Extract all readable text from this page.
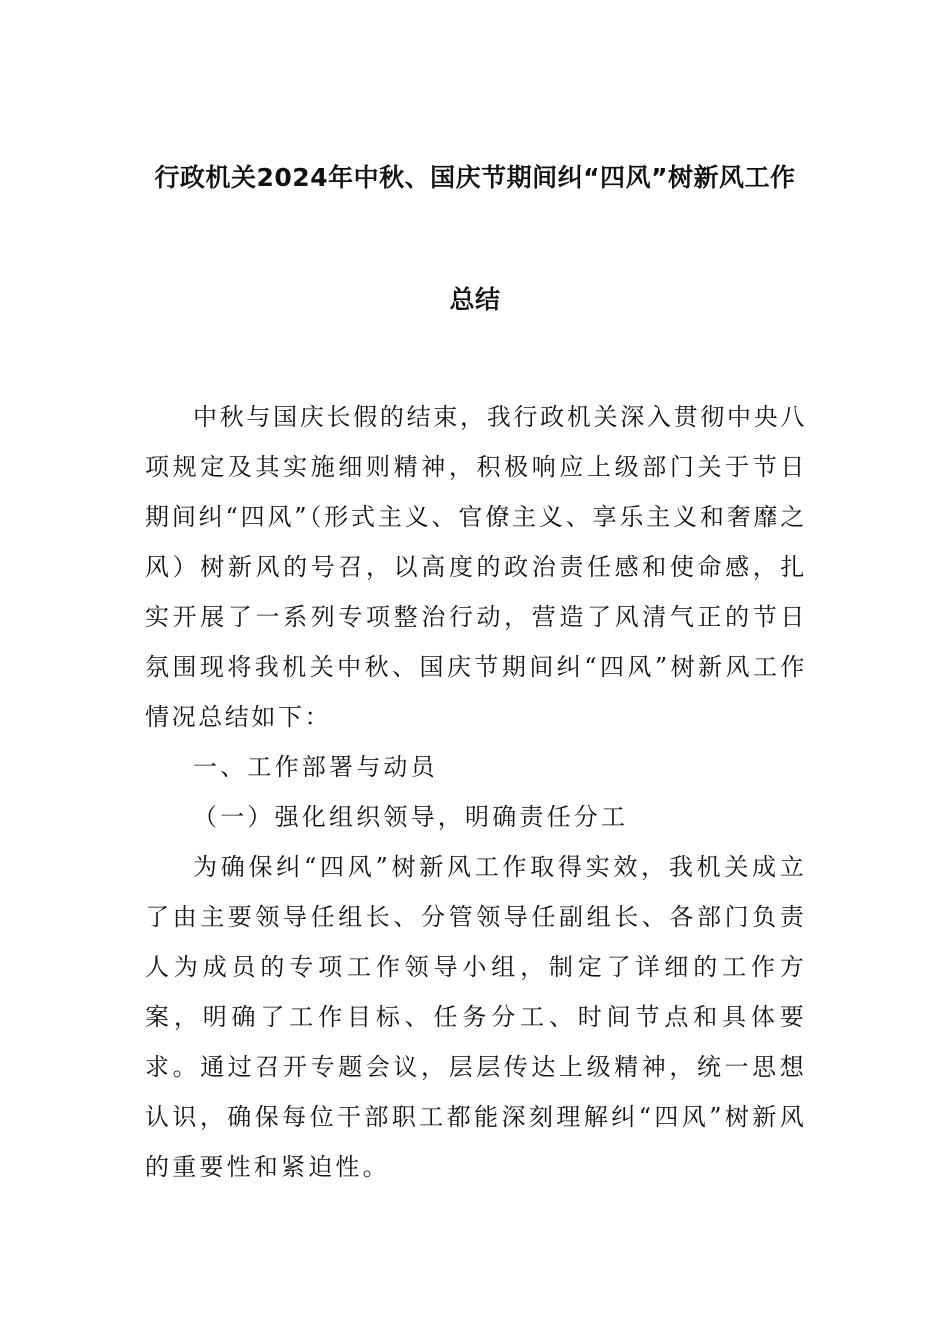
行政机关2024年中秋、国庆节期间纠“四风”树新风工作
总结

中秋与国庆长假的结束，我行政机关深入贯彻中央八项规定及其实施细则精神，积极响应上级部门关于节日期间纠“四风”（形式主义、官僚主义、享乐主义和奢靡之风）树新风的号召，以高度的政治责任感和使命感，扎实开展了一系列专项整治行动，营造了风清气正的节日氛围现将我机关中秋、国庆节期间纠“四风”树新风工作情况总结如下：

一、工作部署与动员

（一）强化组织领导，明确责任分工

为确保纠“四风”树新风工作取得实效，我机关成立了由主要领导任组长、分管领导任副组长、各部门负责人为成员的专项工作领导小组，制定了详细的工作方案，明确了工作目标、任务分工、时间节点和具体要求。通过召开专题会议，层层传达上级精神，统一思想认识，确保每位干部职工都能深刻理解纠“四风”树新风的重要性和紧迫性。
